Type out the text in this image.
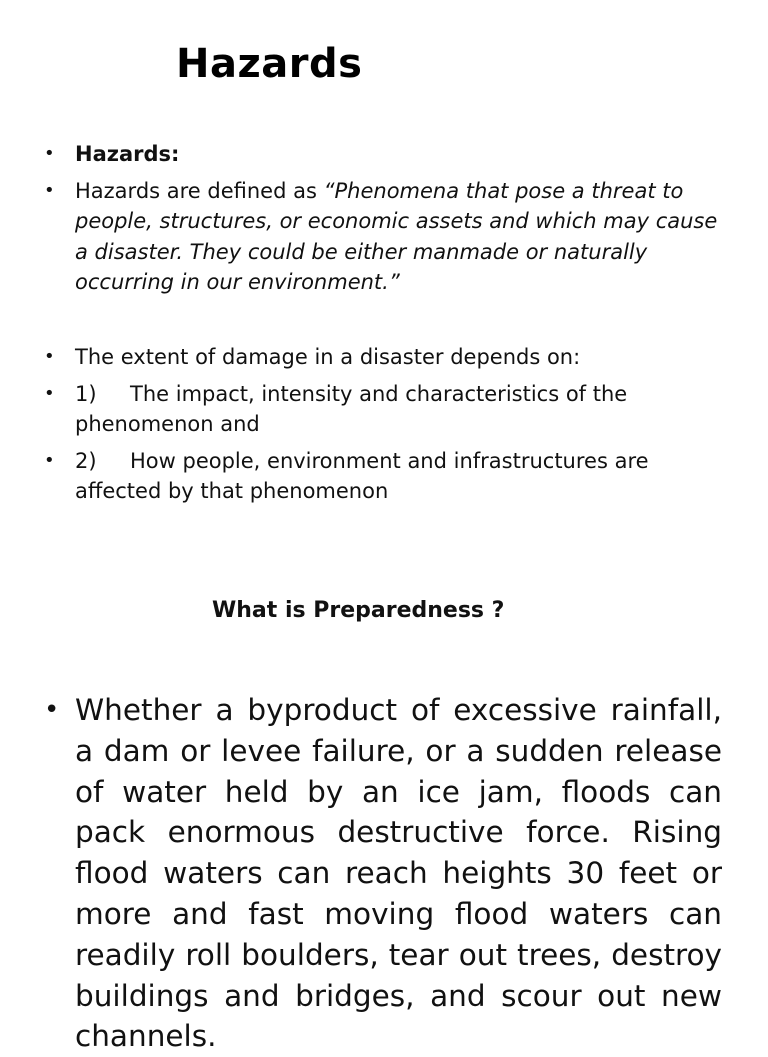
Hazards
• Hazards:
• Hazards are defined as “Phenomena that pose a threat to people, structures, or economic assets and which may cause a disaster. They could be either manmade or naturally occurring in our environment.”
• The extent of damage in a disaster depends on:
• 1) The impact, intensity and characteristics of the phenomenon and
• 2) How people, environment and infrastructures are affected by that phenomenon
What is Preparedness ?

• Whether a byproduct of excessive rainfall, a dam or levee failure, or a sudden release of water held by an ice jam, floods can pack enormous destructive force. Rising flood waters can reach heights 30 feet or more and fast moving flood waters can readily roll boulders, tear out trees, destroy buildings and bridges, and scour out new channels.
